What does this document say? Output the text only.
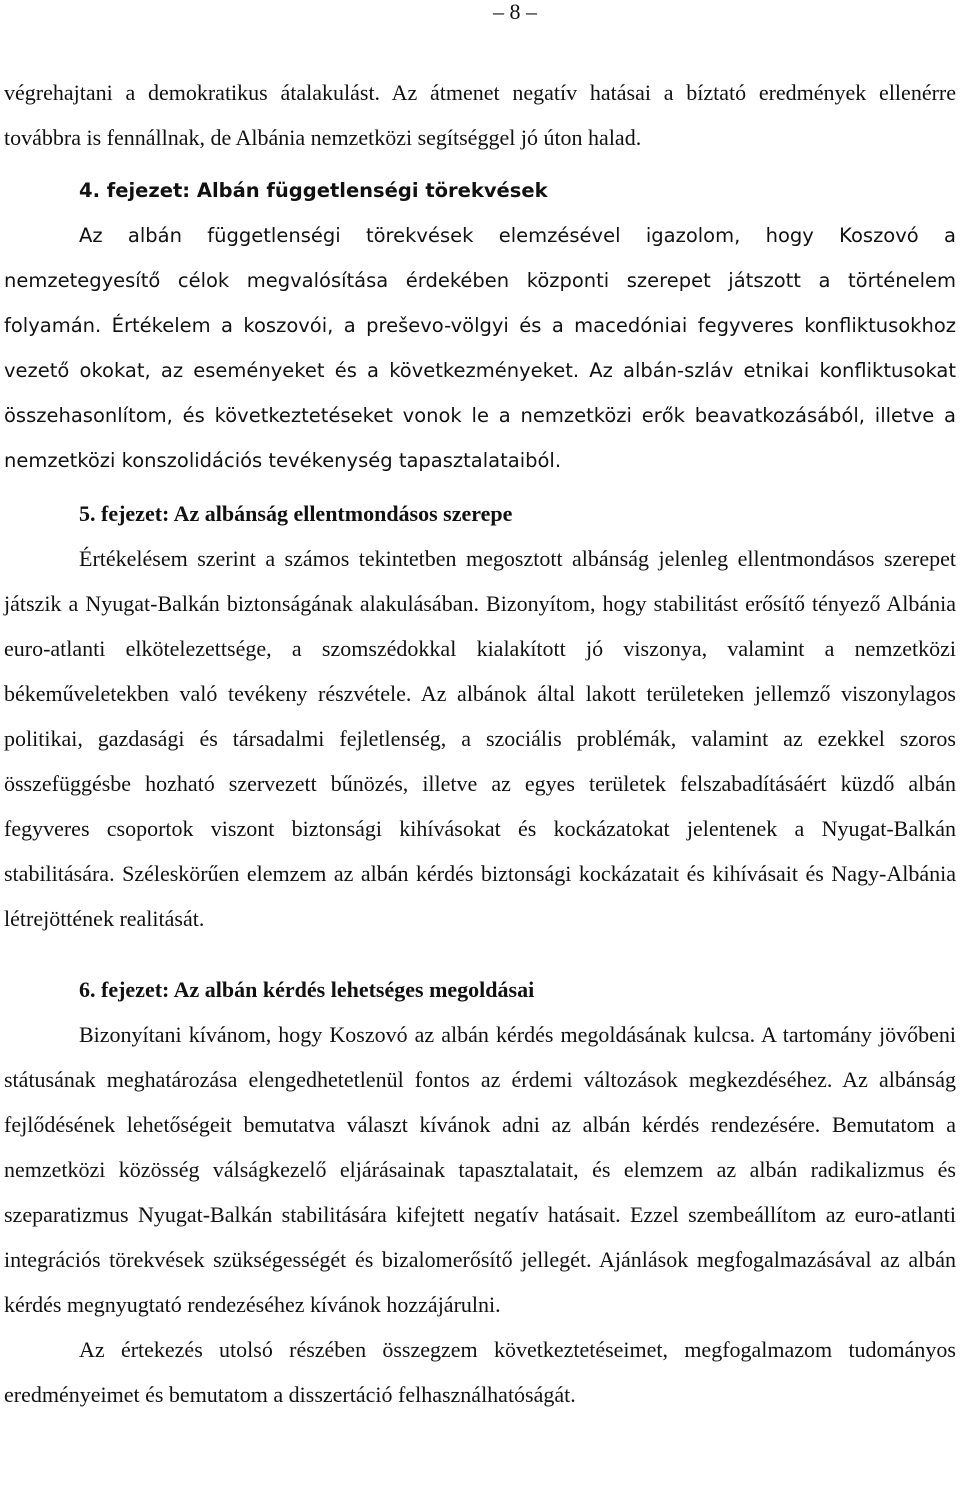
– 8 –

végrehajtani a demokratikus átalakulást. Az átmenet negatív hatásai a bíztató eredmények ellenérre továbbra is fennállnak, de Albánia nemzetközi segítséggel jó úton halad.

4. fejezet: Albán függetlenségi törekvések

Az albán függetlenségi törekvések elemzésével igazolom, hogy Koszovó a nemzetegyesítő célok megvalósítása érdekében központi szerepet játszott a történelem folyamán. Értékelem a koszovói, a preševo-völgyi és a macedóniai fegyveres konfliktusokhoz vezető okokat, az eseményeket és a következményeket. Az albán-szláv etnikai konfliktusokat összehasonlítom, és következtetéseket vonok le a nemzetközi erők beavatkozásából, illetve a nemzetközi konszolidációs tevékenység tapasztalataiból.

5. fejezet: Az albánság ellentmondásos szerepe

Értékelésem szerint a számos tekintetben megosztott albánság jelenleg ellentmondásos szerepet játszik a Nyugat-Balkán biztonságának alakulásában. Bizonyítom, hogy stabilitást erősítő tényező Albánia euro-atlanti elkötelezettsége, a szomszédokkal kialakított jó viszonya, valamint a nemzetközi békeműveletekben való tevékeny részvétele. Az albánok által lakott területeken jellemző viszonylagos politikai, gazdasági és társadalmi fejletlenség, a szociális problémák, valamint az ezekkel szoros összefüggésbe hozható szervezett bűnözés, illetve az egyes területek felszabadításáért küzdő albán fegyveres csoportok viszont biztonsági kihívásokat és kockázatokat jelentenek a Nyugat-Balkán stabilitására. Széleskörűen elemzem az albán kérdés biztonsági kockázatait és kihívásait és Nagy-Albánia létrejöttének realitását.

6. fejezet: Az albán kérdés lehetséges megoldásai

Bizonyítani kívánom, hogy Koszovó az albán kérdés megoldásának kulcsa. A tartomány jövőbeni státusának meghatározása elengedhetetlenül fontos az érdemi változások megkezdéséhez. Az albánság fejlődésének lehetőségeit bemutatva választ kívánok adni az albán kérdés rendezésére. Bemutatom a nemzetközi közösség válságkezelő eljárásainak tapasztalatait, és elemzem az albán radikalizmus és szeparatizmus Nyugat-Balkán stabilitására kifejtett negatív hatásait. Ezzel szembeállítom az euro-atlanti integrációs törekvések szükségességét és bizalomerősítő jellegét. Ajánlások megfogalmazásával az albán kérdés megnyugtató rendezéséhez kívánok hozzájárulni.

Az értekezés utolsó részében összegzem következtetéseimet, megfogalmazom tudományos eredményeimet és bemutatom a disszertáció felhasználhatóságát.
